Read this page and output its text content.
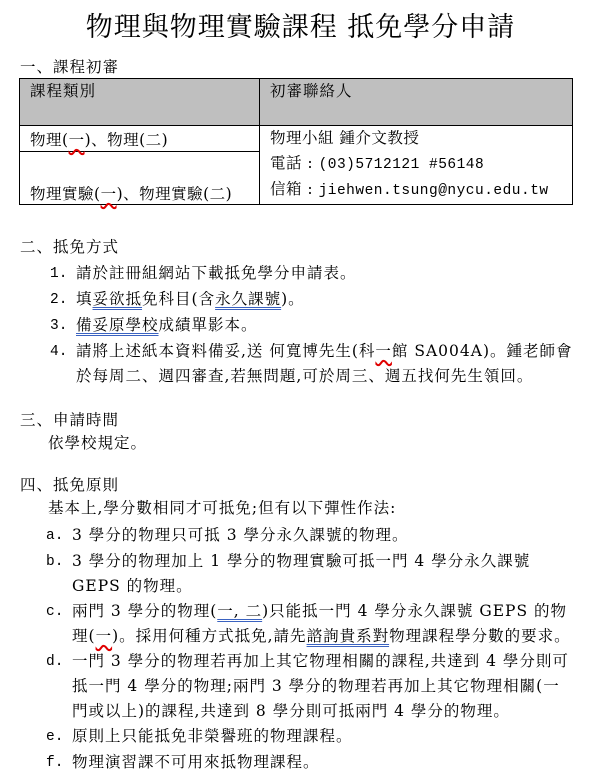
物理與物理實驗課程 抵免學分申請
一、課程初審
課程類別	初審聯絡人
物理(一)、物理(二)	物理小組 鍾介文教授
電話 : (03)5712121 #56148
信箱 : jiehwen.tsung@nycu.edu.tw

物理實驗(一)、物理實驗(二)	
二、抵免方式
1. 請於註冊組網站下載抵免學分申請表。
2. 填妥欲抵免科目(含永久課號)。
3. 備妥原學校成績單影本。
4. 請將上述紙本資料備妥,送 何寬博先生(科一館 SA004A)。鍾老師會於每周二、週四審查,若無問題,可於周三、週五找何先生領回。
三、申請時間
依學校規定。
四、抵免原則
基本上,學分數相同才可抵免;但有以下彈性作法:
a. 3 學分的物理只可抵 3 學分永久課號的物理。
b. 3 學分的物理加上 1 學分的物理實驗可抵一門 4 學分永久課號 GEPS 的物理。
c. 兩門 3 學分的物理(一, 二)只能抵一門 4 學分永久課號 GEPS 的物理(一)。採用何種方式抵免,請先諮詢貴系對物理課程學分數的要求。
d. 一門 3 學分的物理若再加上其它物理相關的課程,共達到 4 學分則可抵一門 4 學分的物理;兩門 3 學分的物理若再加上其它物理相關(一門或以上)的課程,共達到 8 學分則可抵兩門 4 學分的物理。
e. 原則上只能抵免非榮譽班的物理課程。
f. 物理演習課不可用來抵物理課程。
